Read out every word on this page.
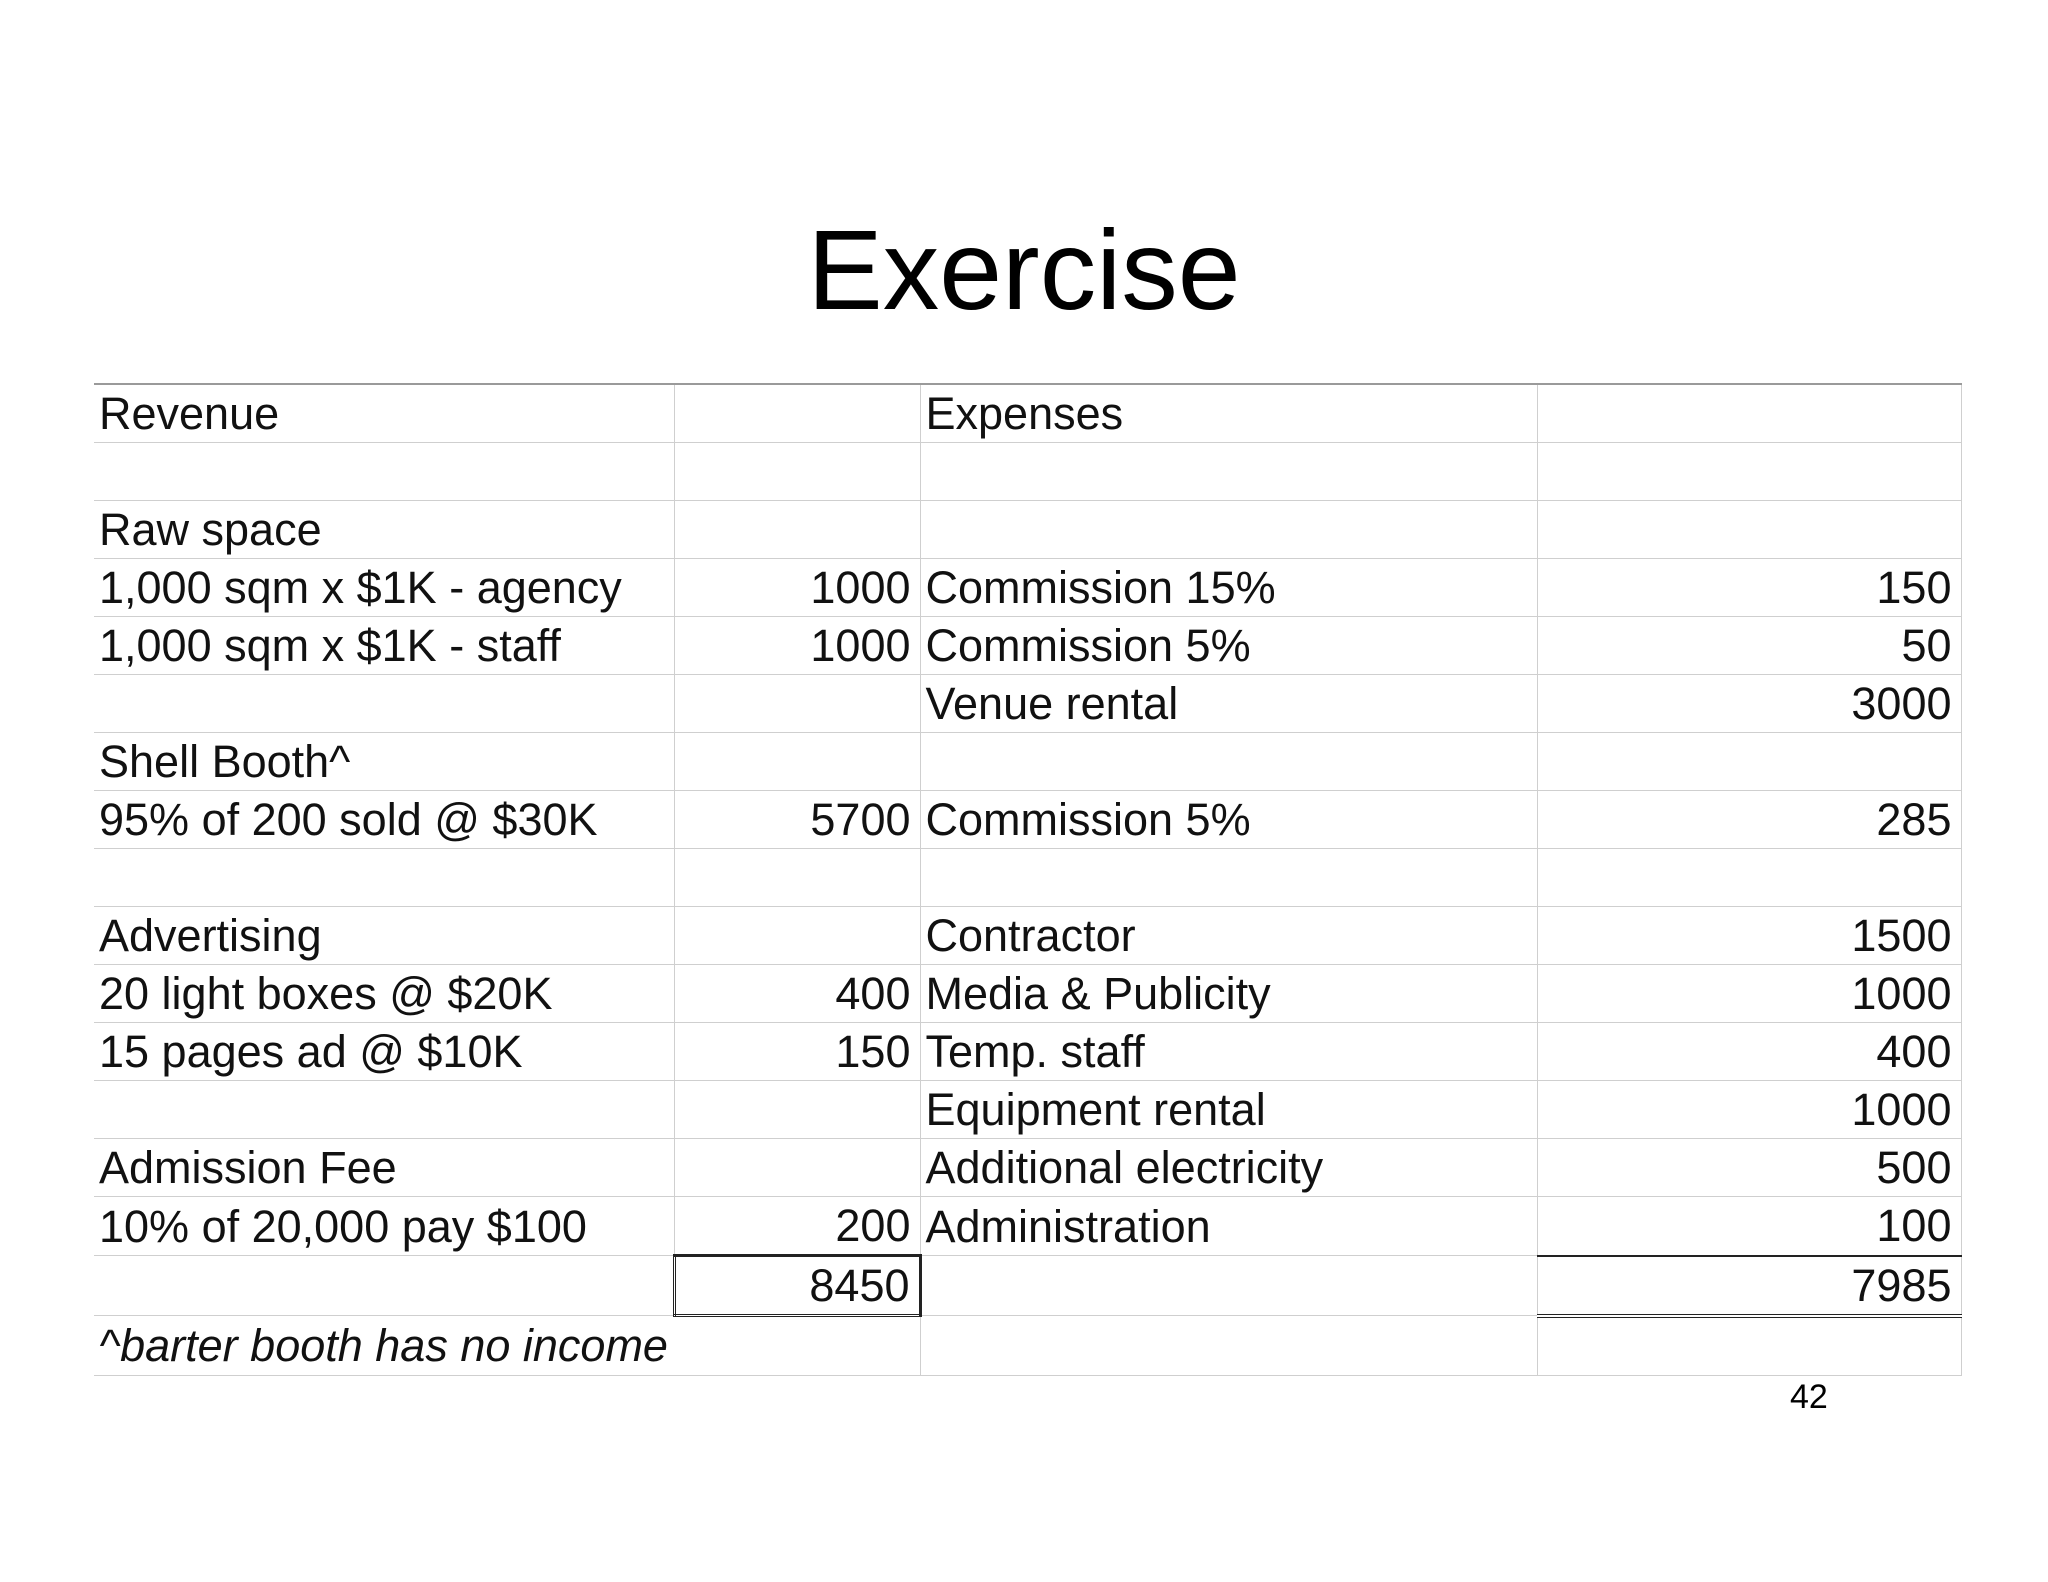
Exercise
Revenue		Expenses	

Raw space			
1,000 sqm x $1K - agency	1000	Commission 15%	150
1,000 sqm x $1K - staff	1000	Commission 5%	50
		Venue rental	3000
Shell Booth^			
95% of 200 sold @ $30K	5700	Commission 5%	285

Advertising		Contractor	1500
20 light boxes @ $20K	400	Media & Publicity	1000
15 pages ad @ $10K	150	Temp. staff	400
		Equipment rental	1000
Admission Fee		Additional electricity	500
10% of 20,000 pay $100	200	Administration	100
	8450		7985
^barter booth has no income			
42
